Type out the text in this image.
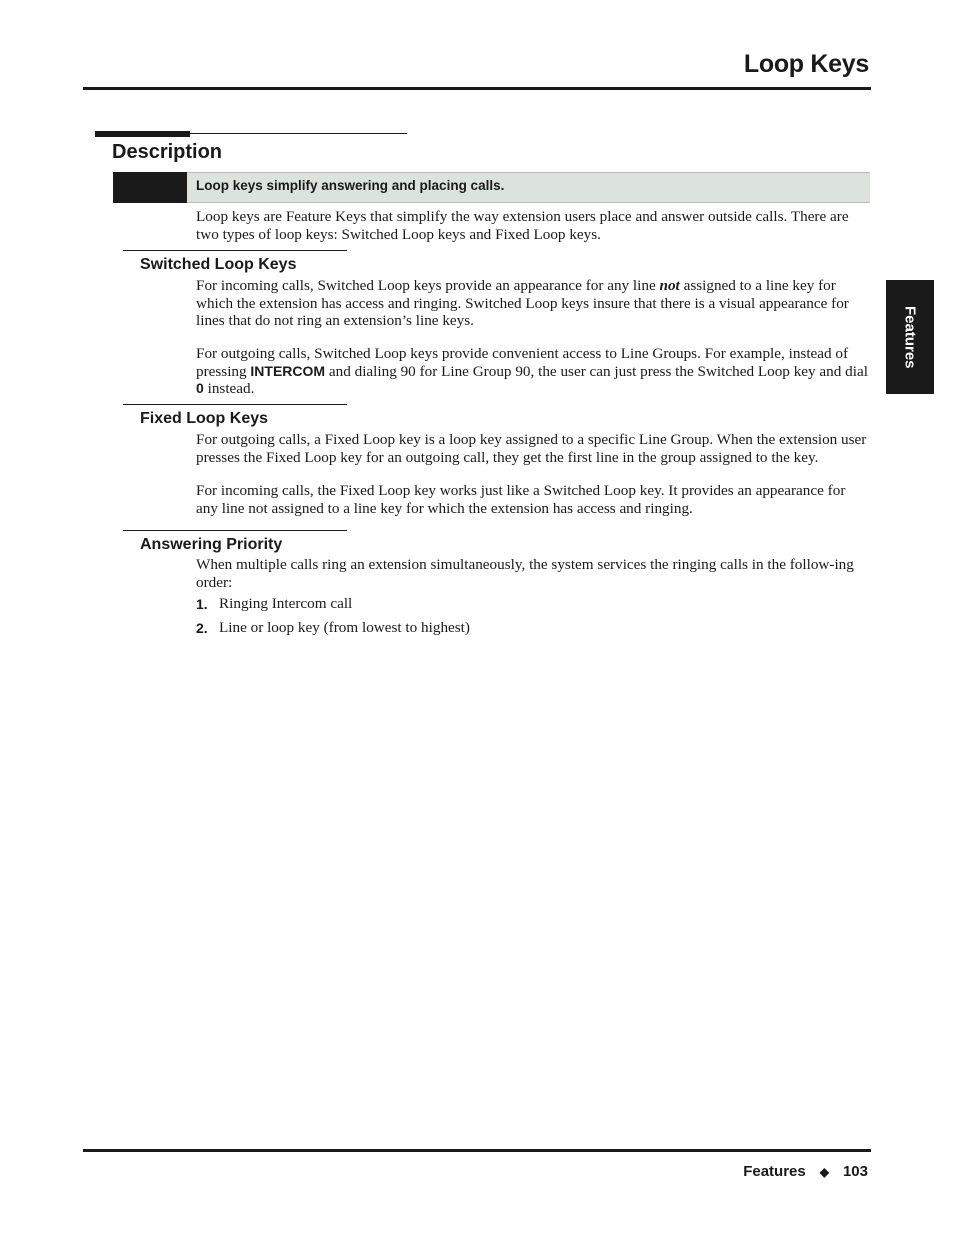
Loop Keys
Description
Loop keys simplify answering and placing calls.
Loop keys are Feature Keys that simplify the way extension users place and answer outside calls. There are two types of loop keys: Switched Loop keys and Fixed Loop keys.
Switched Loop Keys
For incoming calls, Switched Loop keys provide an appearance for any line not assigned to a line key for which the extension has access and ringing. Switched Loop keys insure that there is a visual appearance for lines that do not ring an extension’s line keys.
For outgoing calls, Switched Loop keys provide convenient access to Line Groups. For example, instead of pressing INTERCOM and dialing 90 for Line Group 90, the user can just press the Switched Loop key and dial 0 instead.
Fixed Loop Keys
For outgoing calls, a Fixed Loop key is a loop key assigned to a specific Line Group. When the extension user presses the Fixed Loop key for an outgoing call, they get the first line in the group assigned to the key.
For incoming calls, the Fixed Loop key works just like a Switched Loop key. It provides an appearance for any line not assigned to a line key for which the extension has access and ringing.
Answering Priority
When multiple calls ring an extension simultaneously, the system services the ringing calls in the follow-ing order:
1. Ringing Intercom call
2. Line or loop key (from lowest to highest)
Features
Features ◆ 103
